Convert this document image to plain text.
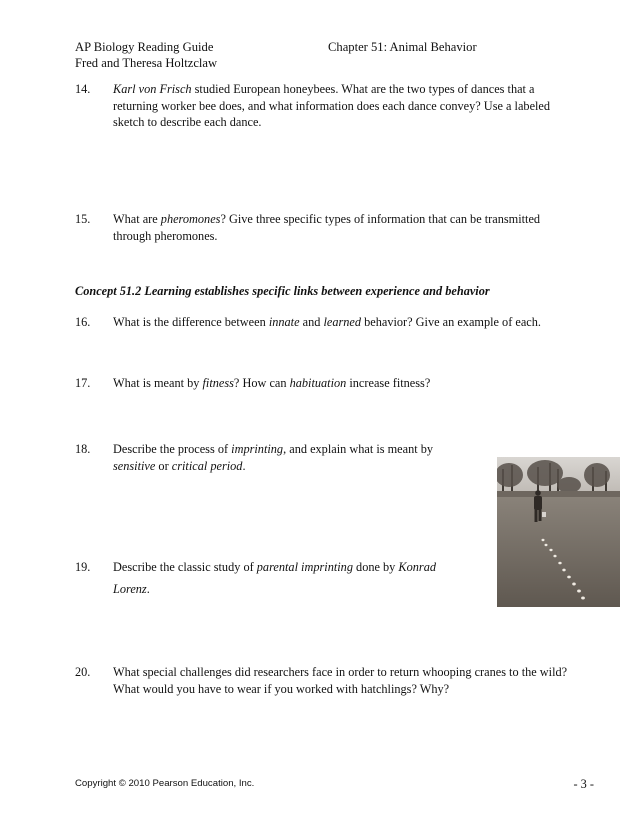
AP Biology Reading Guide
Fred and Theresa Holtzclaw
Chapter 51: Animal Behavior
14.	Karl von Frisch studied European honeybees. What are the two types of dances that a returning worker bee does, and what information does each dance convey? Use a labeled sketch to describe each dance.
15.	What are pheromones? Give three specific types of information that can be transmitted through pheromones.
Concept 51.2 Learning establishes specific links between experience and behavior
16.	What is the difference between innate and learned behavior? Give an example of each.
17.	What is meant by fitness? How can habituation increase fitness?
18.	Describe the process of imprinting, and explain what is meant by sensitive or critical period.
19.	Describe the classic study of parental imprinting done by Konrad Lorenz.
20.	What special challenges did researchers face in order to return whooping cranes to the wild? What would you have to wear if you worked with hatchlings? Why?
Copyright © 2010 Pearson Education, Inc.	- 3 -
